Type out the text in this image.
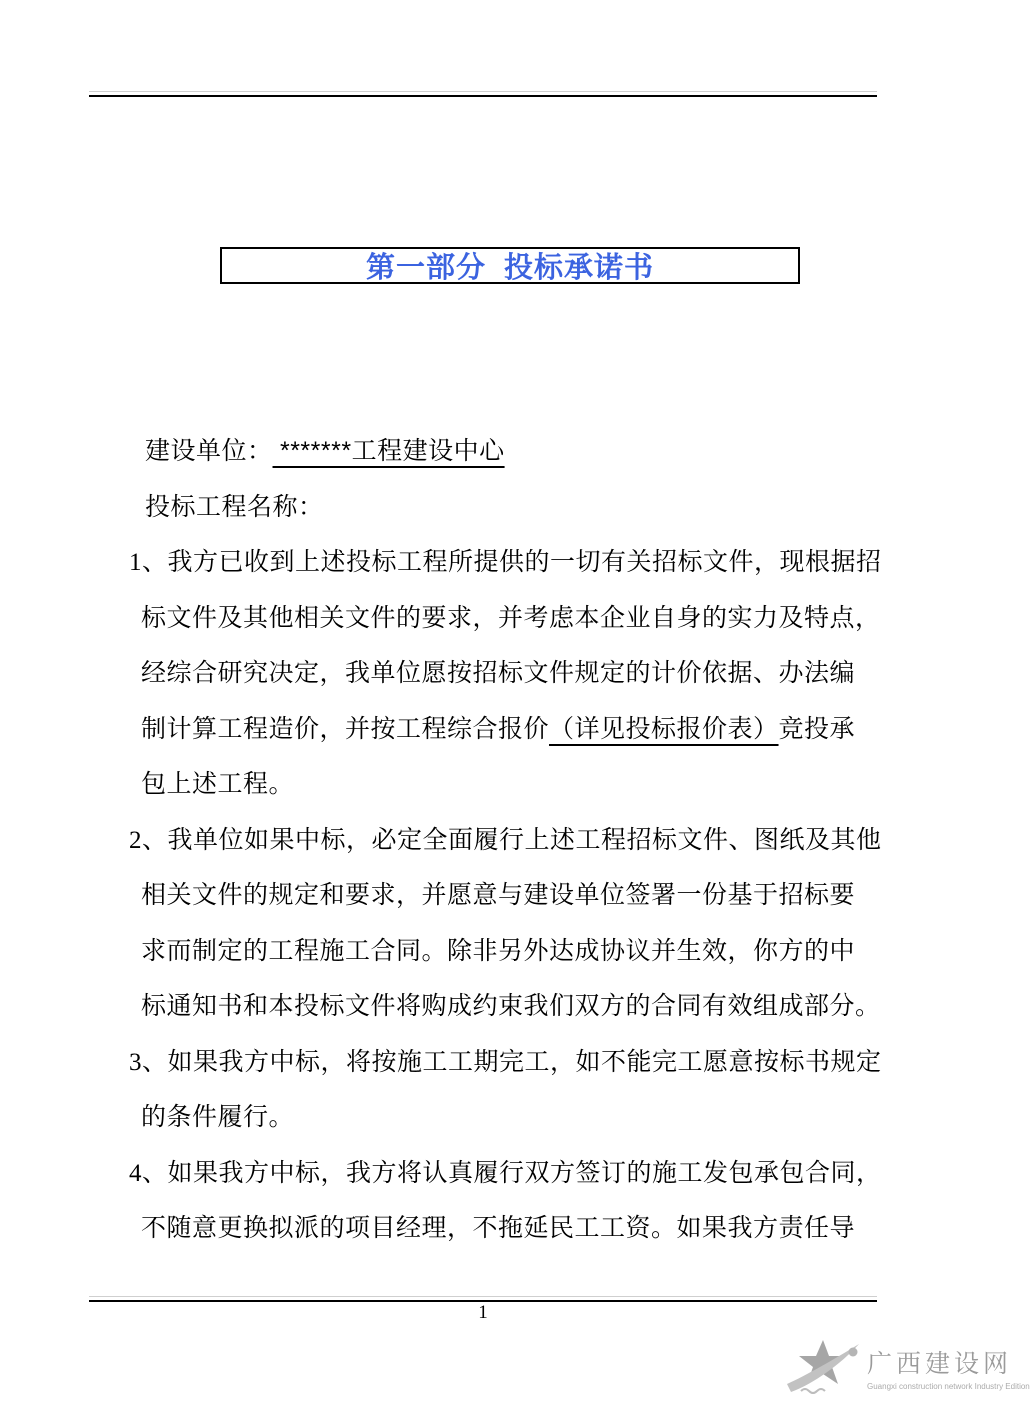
第一部分  投标承诺书
建设单位： *******工程建设中心
投标工程名称：
1、我方已收到上述投标工程所提供的一切有关招标文件，现根据招
标文件及其他相关文件的要求，并考虑本企业自身的实力及特点，
经综合研究决定，我单位愿按招标文件规定的计价依据、办法编
制计算工程造价，并按工程综合报价（详见投标报价表）竞投承
包上述工程。
2、我单位如果中标，必定全面履行上述工程招标文件、图纸及其他
相关文件的规定和要求，并愿意与建设单位签署一份基于招标要
求而制定的工程施工合同。除非另外达成协议并生效，你方的中
标通知书和本投标文件将购成约束我们双方的合同有效组成部分。
3、如果我方中标，将按施工工期完工，如不能完工愿意按标书规定
的条件履行。
4、如果我方中标，我方将认真履行双方签订的施工发包承包合同，
不随意更换拟派的项目经理，不拖延民工工资。如果我方责任导
1
广西建设网
Guangxi construction network Industry Edition
